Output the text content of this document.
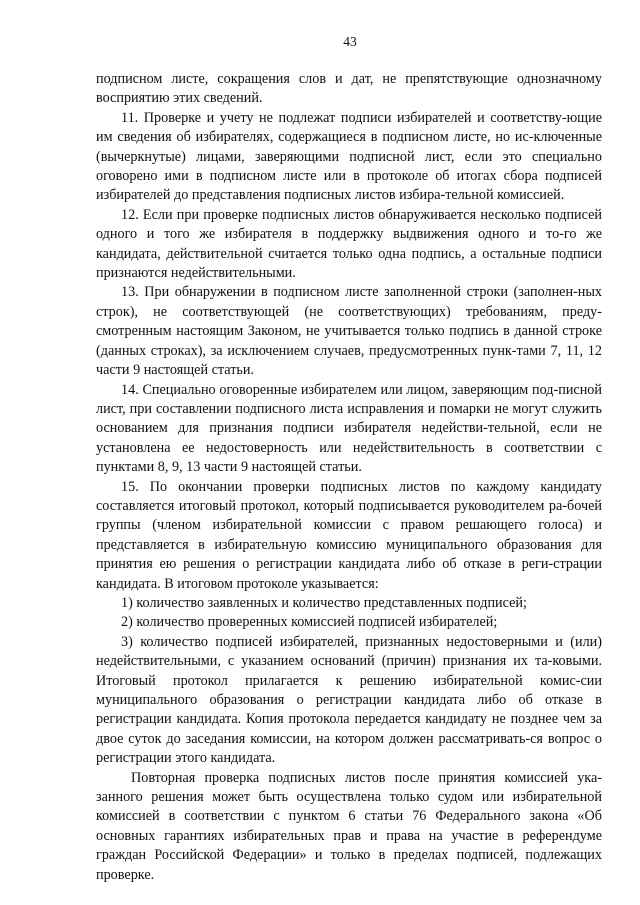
43

подписном листе, сокращения слов и дат, не препятствующие однозначному восприятию этих сведений.

11. Проверке и учету не подлежат подписи избирателей и соответству-ющие им сведения об избирателях, содержащиеся в подписном листе, но ис-ключенные (вычеркнутые) лицами, заверяющими подписной лист, если это специально оговорено ими в подписном листе или в протоколе об итогах сбора подписей избирателей до представления подписных листов избира-тельной комиссией.

12. Если при проверке подписных листов обнаруживается несколько подписей одного и того же избирателя в поддержку выдвижения одного и то-го же кандидата, действительной считается только одна подпись, а остальные подписи признаются недействительными.

13. При обнаружении в подписном листе заполненной строки (заполнен-ных строк), не соответствующей (не соответствующих) требованиям, преду-смотренным настоящим Законом, не учитывается только подпись в данной строке (данных строках), за исключением случаев, предусмотренных пунк-тами 7, 11, 12 части 9 настоящей статьи.

14. Специально оговоренные избирателем или лицом, заверяющим под-писной лист, при составлении подписного листа исправления и помарки не могут служить основанием для признания подписи избирателя недействи-тельной, если не установлена ее недостоверность или недействительность в соответствии с пунктами 8, 9, 13 части 9 настоящей статьи.

15. По окончании проверки подписных листов по каждому кандидату составляется итоговый протокол, который подписывается руководителем ра-бочей группы (членом избирательной комиссии с правом решающего голоса) и представляется в избирательную комиссию муниципального образования для принятия ею решения о регистрации кандидата либо об отказе в реги-страции кандидата. В итоговом протоколе указывается:

1) количество заявленных и количество представленных подписей;

2) количество проверенных комиссией подписей избирателей;

3) количество подписей избирателей, признанных недостоверными и (или) недействительными, с указанием оснований (причин) признания их та-ковыми. Итоговый протокол прилагается к решению избирательной комис-сии муниципального образования о регистрации кандидата либо об отказе в регистрации кандидата. Копия протокола передается кандидату не позднее чем за двое суток до заседания комиссии, на котором должен рассматривать-ся вопрос о регистрации этого кандидата.

Повторная проверка подписных листов после принятия комиссией ука-занного решения может быть осуществлена только судом или избирательной комиссией в соответствии с пунктом 6 статьи 76 Федерального закона «Об основных гарантиях избирательных прав и права на участие в референдуме граждан Российской Федерации» и только в пределах подписей, подлежащих проверке.
